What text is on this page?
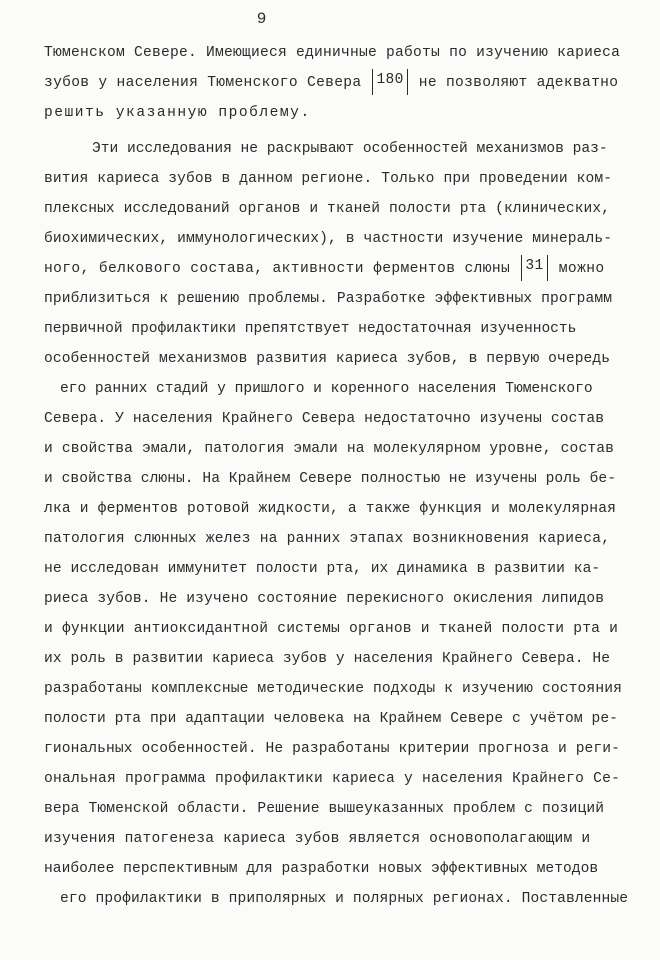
9
Тюменском Севере. Имеющиеся единичные работы по изучению кариеса
зубов у населения Тюменского Севера 180 не позволяют адекватно
решить указанную проблему.
Эти исследования не раскрывают особенностей механизмов раз-
вития кариеса зубов в данном регионе. Только при проведении ком-
плексных исследований органов и тканей полости рта (клинических,
биохимических, иммунологических), в частности изучение минераль-
ного, белкового состава, активности ферментов слюны 31 можно
приблизиться к решению проблемы. Разработке эффективных программ
первичной профилактики препятствует недостаточная изученность
особенностей механизмов развития кариеса зубов, в первую очередь
его ранних стадий у пришлого и коренного населения Тюменского
Севера. У населения Крайнего Севера недостаточно изучены состав
и свойства эмали, патология эмали на молекулярном уровне, состав
и свойства слюны. На Крайнем Севере полностью не изучены роль бе-
лка и ферментов ротовой жидкости, а также функция и молекулярная
патология слюнных желез на ранних этапах возникновения кариеса,
не исследован иммунитет полости рта, их динамика в развитии ка-
риеса зубов. Не изучено состояние перекисного окисления липидов
и функции антиоксидантной системы органов и тканей полости рта и
их роль в развитии кариеса зубов у населения Крайнего Севера. Не
разработаны комплексные методические подходы к изучению состояния
полости рта при адаптации человека на Крайнем Севере с учётом ре-
гиональных особенностей. Не разработаны критерии прогноза и реги-
ональная программа профилактики кариеса у населения Крайнего Се-
вера Тюменской области. Решение вышеуказанных проблем с позиций
изучения патогенеза кариеса зубов является основополагающим и
наиболее перспективным для разработки новых эффективных методов
его профилактики в приполярных и полярных регионах. Поставленные
